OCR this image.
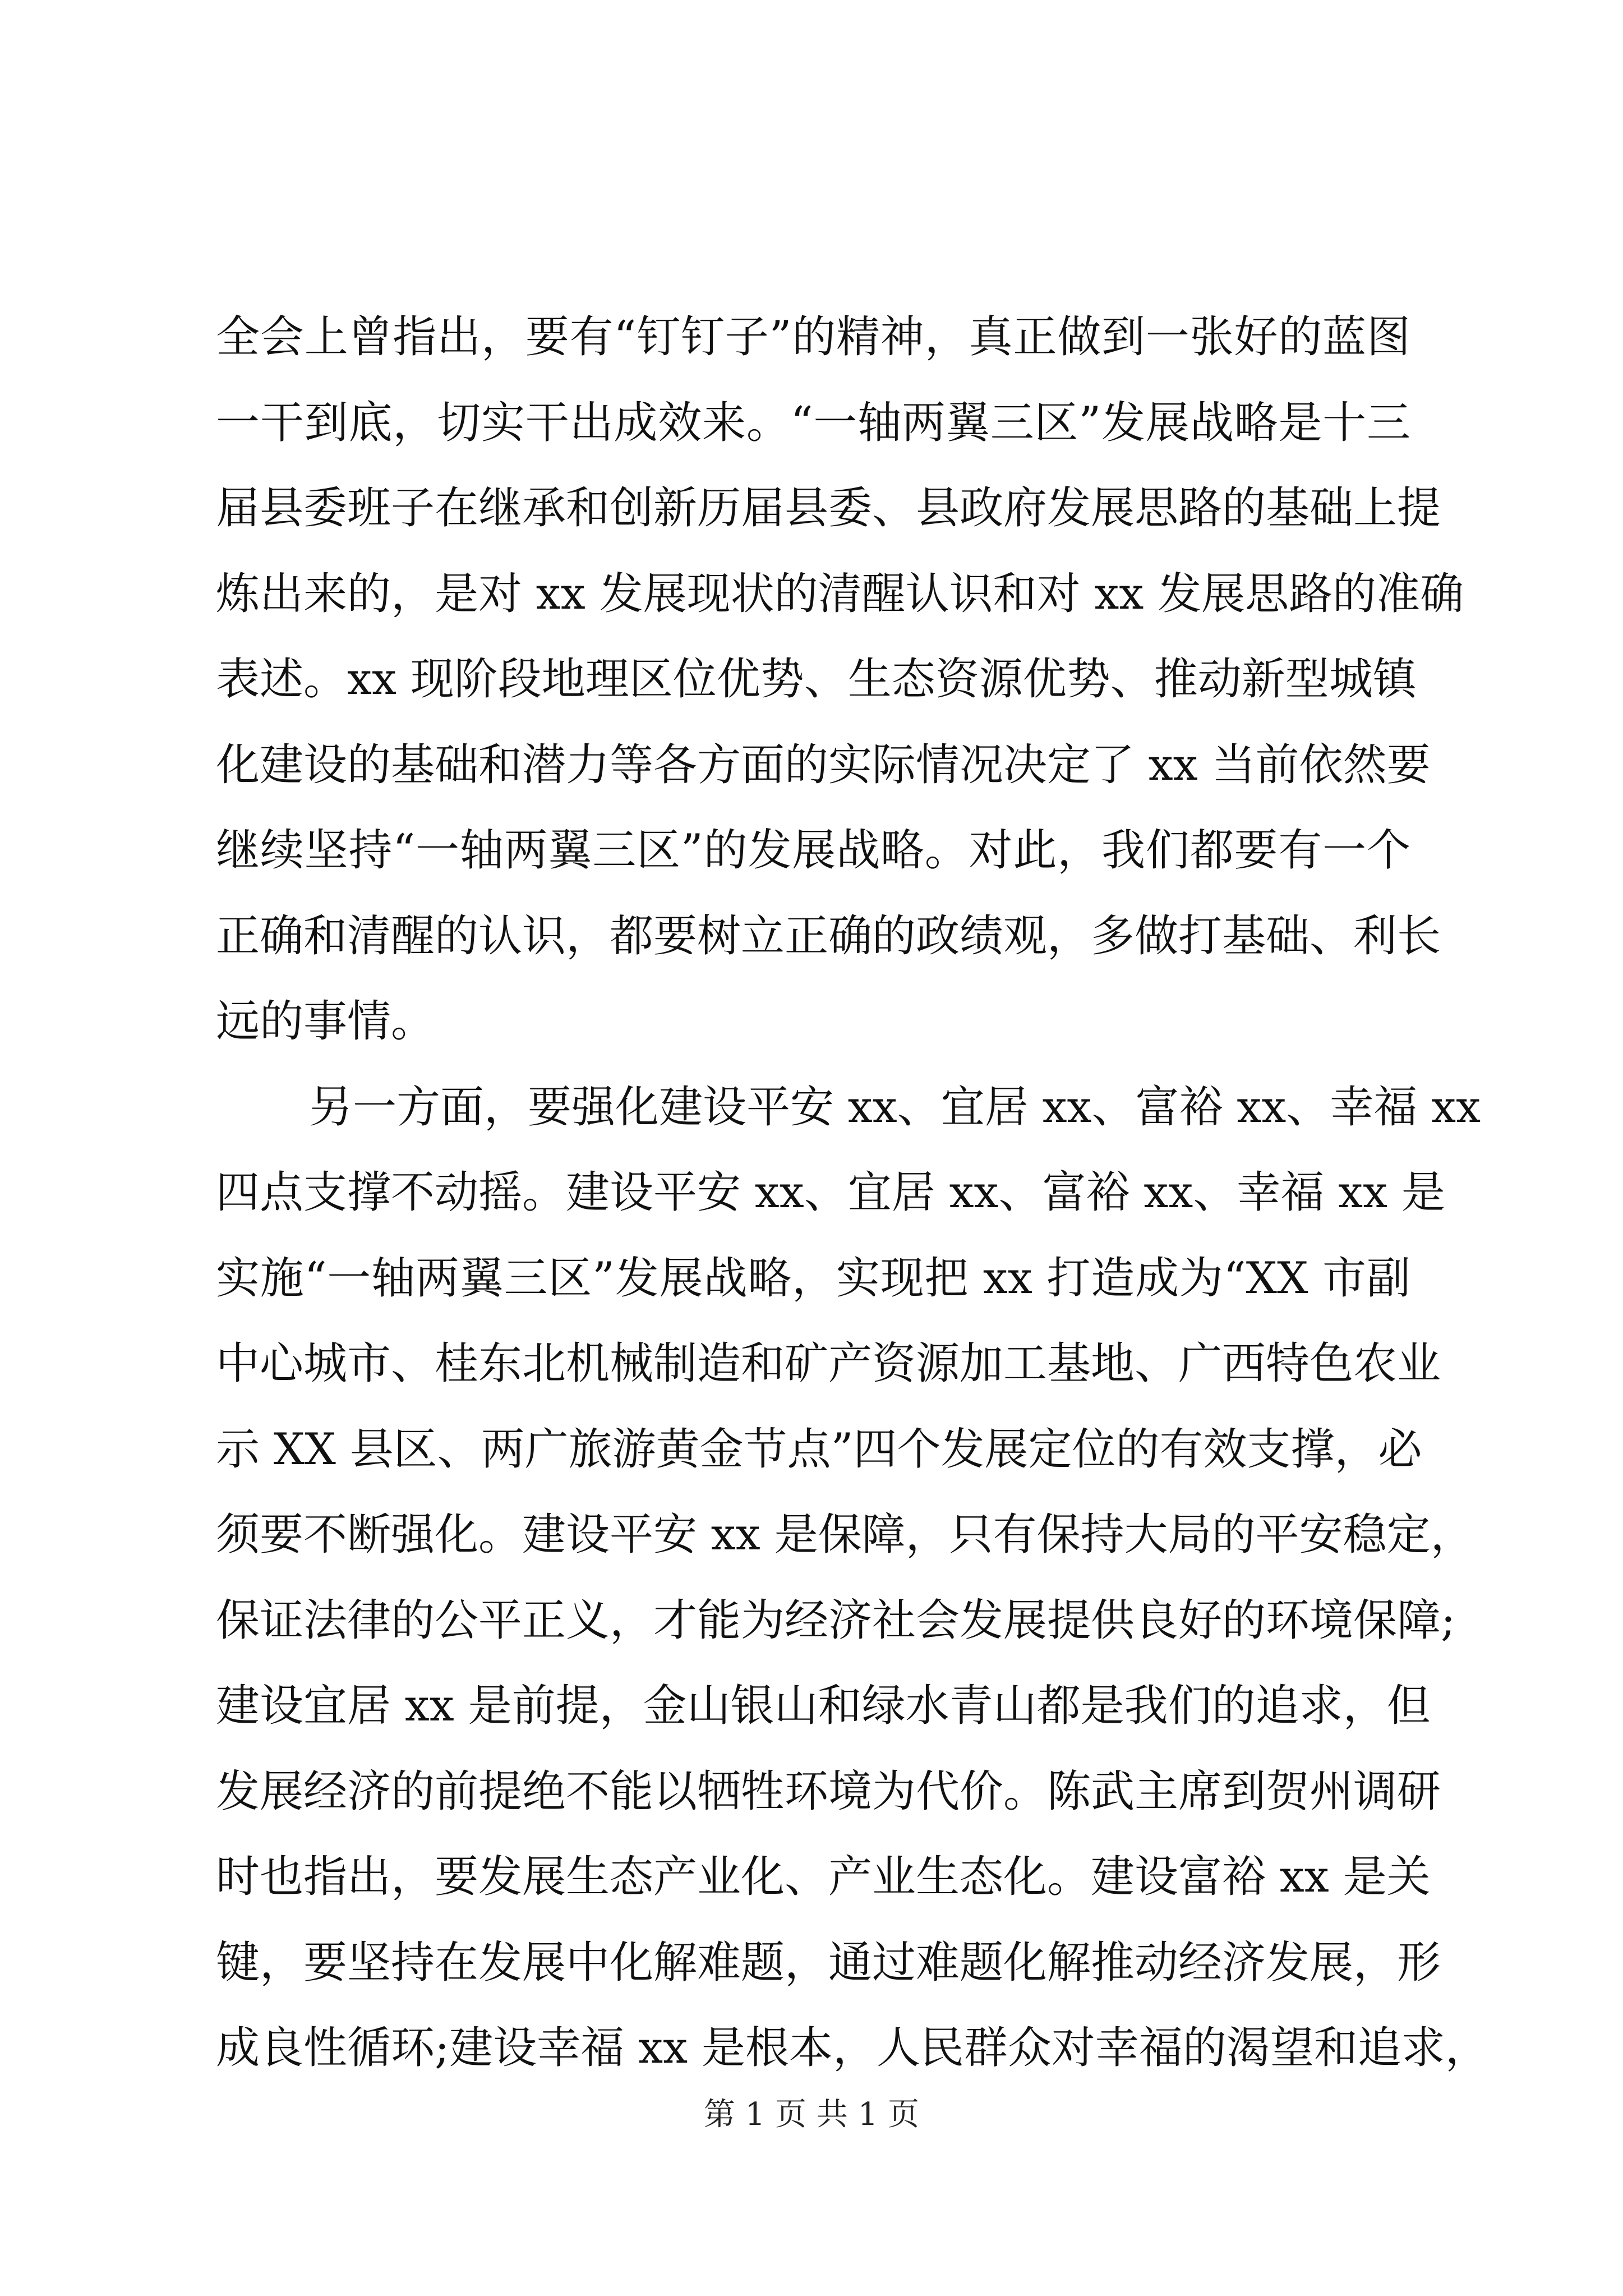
全会上曾指出，要有“钉钉子”的精神，真正做到一张好的蓝图
一干到底，切实干出成效来。“一轴两翼三区”发展战略是十三
届县委班子在继承和创新历届县委、县政府发展思路的基础上提
炼出来的，是对 xx 发展现状的清醒认识和对 xx 发展思路的准确
表述。xx 现阶段地理区位优势、生态资源优势、推动新型城镇
化建设的基础和潜力等各方面的实际情况决定了 xx 当前依然要
继续坚持“一轴两翼三区”的发展战略。对此，我们都要有一个
正确和清醒的认识，都要树立正确的政绩观，多做打基础、利长
远的事情。
另一方面，要强化建设平安 xx、宜居 xx、富裕 xx、幸福 xx
四点支撑不动摇。建设平安 xx、宜居 xx、富裕 xx、幸福 xx 是
实施“一轴两翼三区”发展战略，实现把 xx 打造成为“XX 市副
中心城市、桂东北机械制造和矿产资源加工基地、广西特色农业
示 XX 县区、两广旅游黄金节点”四个发展定位的有效支撑，必
须要不断强化。建设平安 xx 是保障，只有保持大局的平安稳定，
保证法律的公平正义，才能为经济社会发展提供良好的环境保障;
建设宜居 xx 是前提，金山银山和绿水青山都是我们的追求，但
发展经济的前提绝不能以牺牲环境为代价。陈武主席到贺州调研
时也指出，要发展生态产业化、产业生态化。建设富裕 xx 是关
键，要坚持在发展中化解难题，通过难题化解推动经济发展，形
成良性循环;建设幸福 xx 是根本，人民群众对幸福的渴望和追求，
第 1 页 共 1 页
